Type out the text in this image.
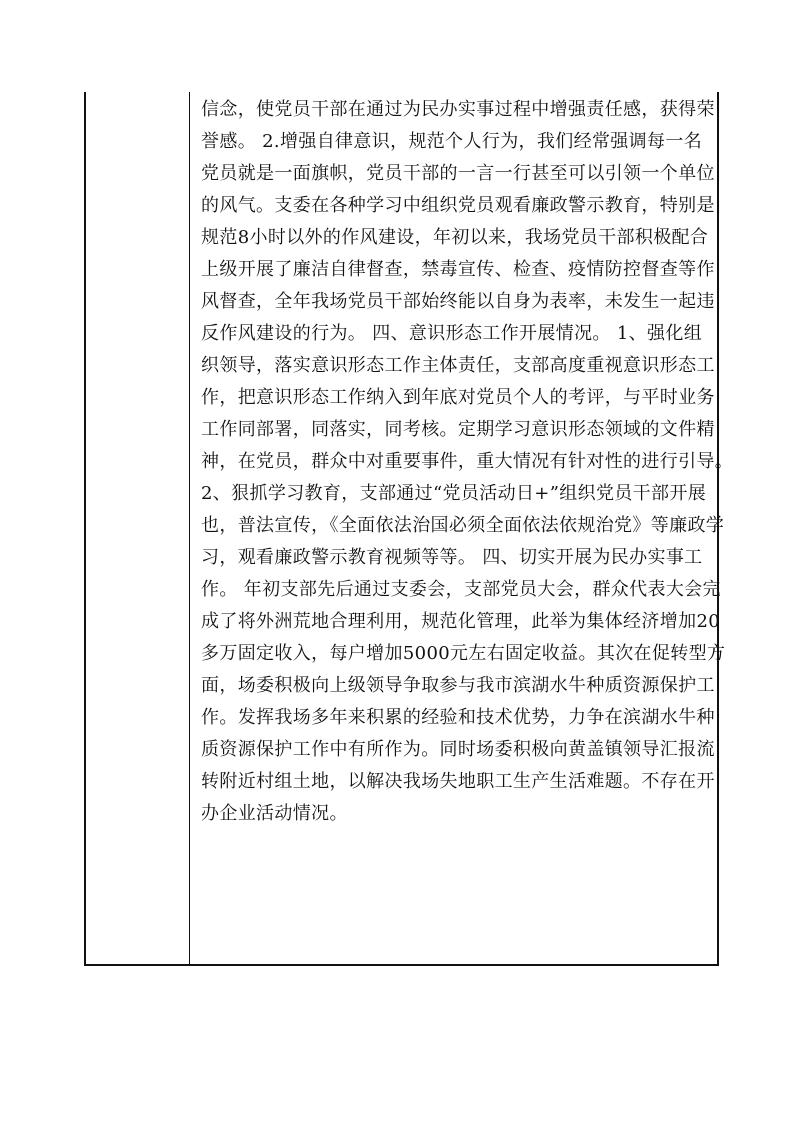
信念，使党员干部在通过为民办实事过程中增强责任感，获得荣
誉感。 2.增强自律意识，规范个人行为，我们经常强调每一名
党员就是一面旗帜，党员干部的一言一行甚至可以引领一个单位
的风气。支委在各种学习中组织党员观看廉政警示教育，特别是
规范8小时以外的作风建设，年初以来，我场党员干部积极配合
上级开展了廉洁自律督查，禁毒宣传、检查、疫情防控督查等作
风督查，全年我场党员干部始终能以自身为表率，未发生一起违
反作风建设的行为。 四、意识形态工作开展情况。 1、强化组
织领导，落实意识形态工作主体责任，支部高度重视意识形态工
作，把意识形态工作纳入到年底对党员个人的考评，与平时业务
工作同部署，同落实，同考核。定期学习意识形态领域的文件精
神，在党员，群众中对重要事件，重大情况有针对性的进行引导。
2、狠抓学习教育，支部通过“党员活动日+”组织党员干部开展
也，普法宣传，《全面依法治国必须全面依法依规治党》等廉政学
习，观看廉政警示教育视频等等。 四、切实开展为民办实事工
作。 年初支部先后通过支委会，支部党员大会，群众代表大会完
成了将外洲荒地合理利用，规范化管理，此举为集体经济增加20
多万固定收入，每户增加5000元左右固定收益。其次在促转型方
面，场委积极向上级领导争取参与我市滨湖水牛种质资源保护工
作。发挥我场多年来积累的经验和技术优势，力争在滨湖水牛种
质资源保护工作中有所作为。同时场委积极向黄盖镇领导汇报流
转附近村组土地，以解决我场失地职工生产生活难题。不存在开
办企业活动情况。
